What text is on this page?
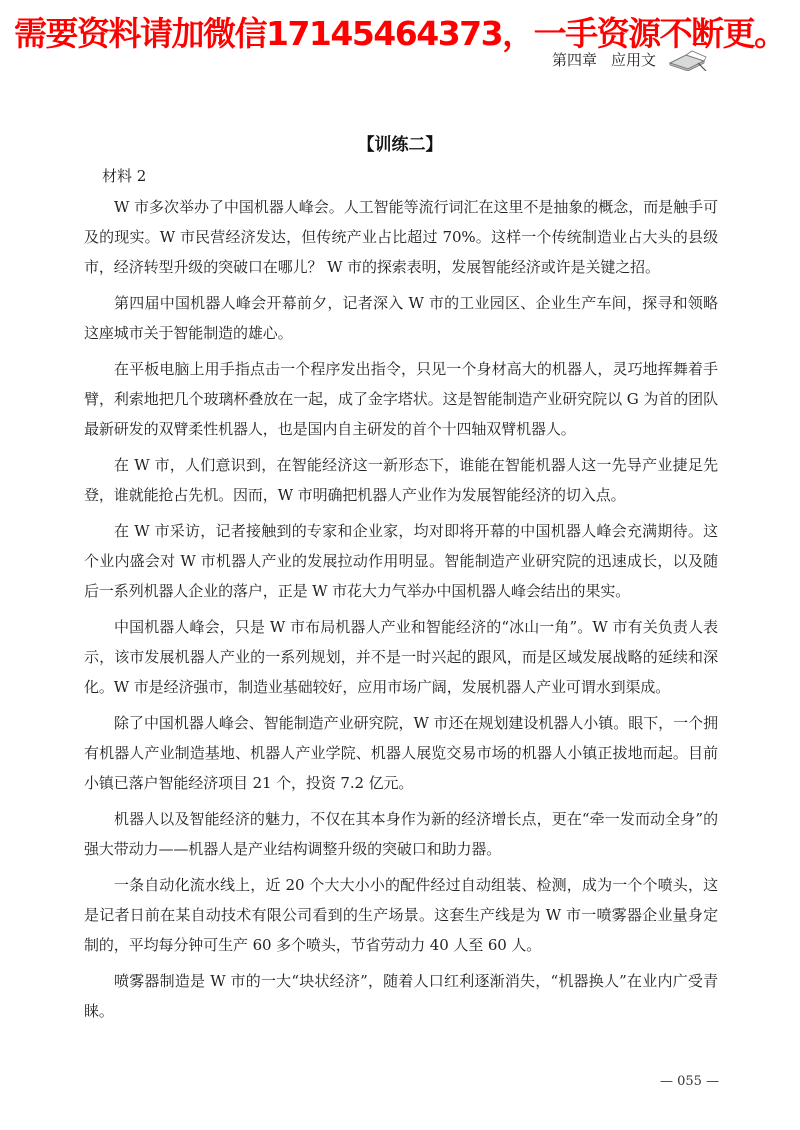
需要资料请加微信17145464373，一手资源不断更。
第四章 应用文
【训练二】
材料 2

W 市多次举办了中国机器人峰会。人工智能等流行词汇在这里不是抽象的概念，而是触手可及的现实。W 市民营经济发达，但传统产业占比超过 70%。这样一个传统制造业占大头的县级市，经济转型升级的突破口在哪儿？ W 市的探索表明，发展智能经济或许是关键之招。

第四届中国机器人峰会开幕前夕，记者深入 W 市的工业园区、企业生产车间，探寻和领略这座城市关于智能制造的雄心。

在平板电脑上用手指点击一个程序发出指令，只见一个身材高大的机器人，灵巧地挥舞着手臂，利索地把几个玻璃杯叠放在一起，成了金字塔状。这是智能制造产业研究院以 G 为首的团队最新研发的双臂柔性机器人，也是国内自主研发的首个十四轴双臂机器人。

在 W 市，人们意识到，在智能经济这一新形态下，谁能在智能机器人这一先导产业捷足先登，谁就能抢占先机。因而，W 市明确把机器人产业作为发展智能经济的切入点。

在 W 市采访，记者接触到的专家和企业家，均对即将开幕的中国机器人峰会充满期待。这个业内盛会对 W 市机器人产业的发展拉动作用明显。智能制造产业研究院的迅速成长，以及随后一系列机器人企业的落户，正是 W 市花大力气举办中国机器人峰会结出的果实。

中国机器人峰会，只是 W 市布局机器人产业和智能经济的“冰山一角”。W 市有关负责人表示，该市发展机器人产业的一系列规划，并不是一时兴起的跟风，而是区域发展战略的延续和深化。W 市是经济强市，制造业基础较好，应用市场广阔，发展机器人产业可谓水到渠成。

除了中国机器人峰会、智能制造产业研究院，W 市还在规划建设机器人小镇。眼下，一个拥有机器人产业制造基地、机器人产业学院、机器人展览交易市场的机器人小镇正拔地而起。目前小镇已落户智能经济项目 21 个，投资 7.2 亿元。

机器人以及智能经济的魅力，不仅在其本身作为新的经济增长点，更在“牵一发而动全身”的强大带动力——机器人是产业结构调整升级的突破口和助力器。

一条自动化流水线上，近 20 个大大小小的配件经过自动组装、检测，成为一个个喷头，这是记者日前在某自动技术有限公司看到的生产场景。这套生产线是为 W 市一喷雾器企业量身定制的，平均每分钟可生产 60 多个喷头，节省劳动力 40 人至 60 人。

喷雾器制造是 W 市的一大“块状经济”，随着人口红利逐渐消失，“机器换人”在业内广受青睐。

— 055 —
